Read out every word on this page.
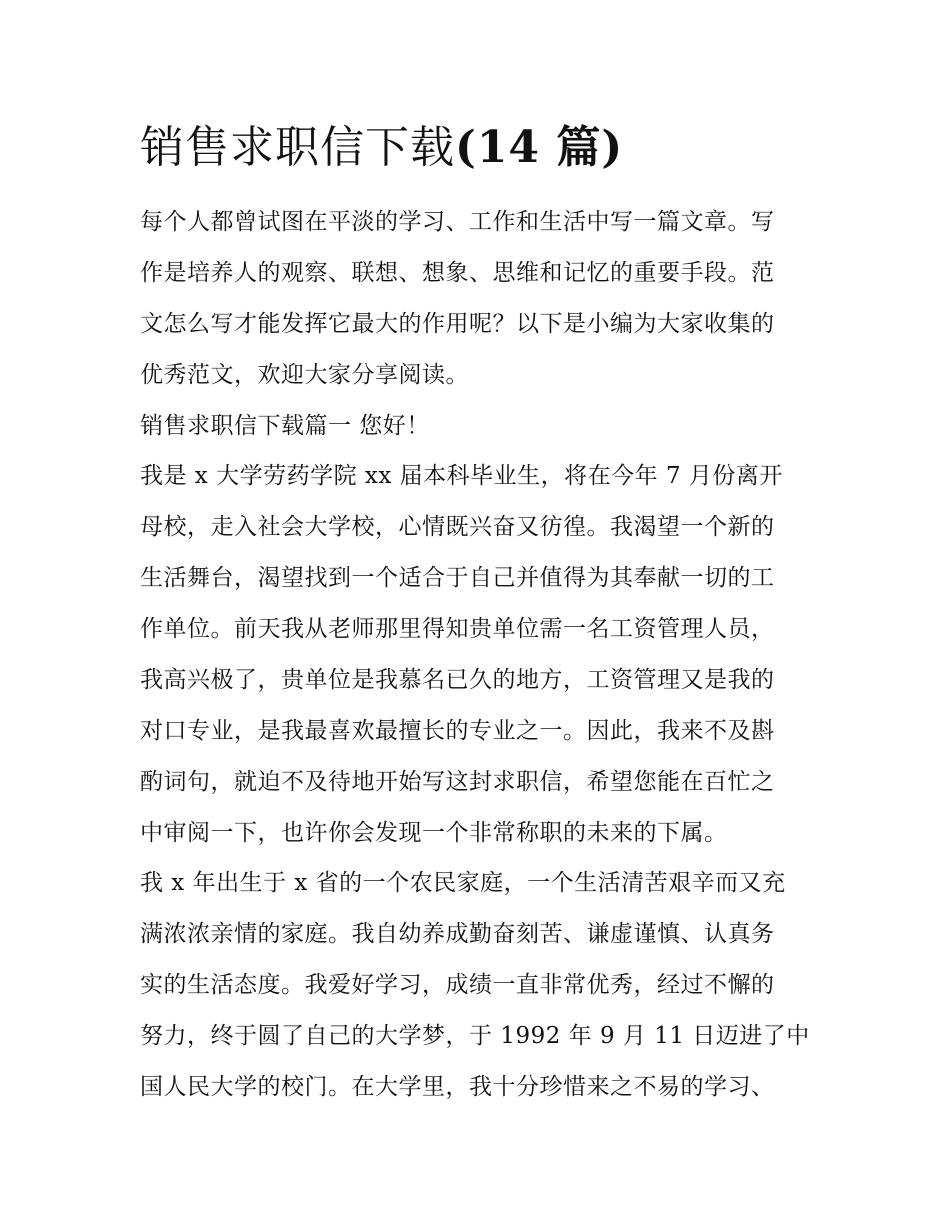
销售求职信下载(14 篇)

每个人都曾试图在平淡的学习、工作和生活中写一篇文章。写

作是培养人的观察、联想、想象、思维和记忆的重要手段。范

文怎么写才能发挥它最大的作用呢？以下是小编为大家收集的

优秀范文，欢迎大家分享阅读。

销售求职信下载篇一 您好！

我是 x 大学劳药学院 xx 届本科毕业生，将在今年 7 月份离开

母校，走入社会大学校，心情既兴奋又彷徨。我渴望一个新的

生活舞台，渴望找到一个适合于自己并值得为其奉献一切的工

作单位。前天我从老师那里得知贵单位需一名工资管理人员，

我高兴极了，贵单位是我慕名已久的地方，工资管理又是我的

对口专业，是我最喜欢最擅长的专业之一。因此，我来不及斟

酌词句，就迫不及待地开始写这封求职信，希望您能在百忙之

中审阅一下，也许你会发现一个非常称职的未来的下属。

我 x 年出生于 x 省的一个农民家庭，一个生活清苦艰辛而又充

满浓浓亲情的家庭。我自幼养成勤奋刻苦、谦虚谨慎、认真务

实的生活态度。我爱好学习，成绩一直非常优秀，经过不懈的

努力，终于圆了自己的大学梦，于 1992 年 9 月 11 日迈进了中

国人民大学的校门。在大学里，我十分珍惜来之不易的学习、
